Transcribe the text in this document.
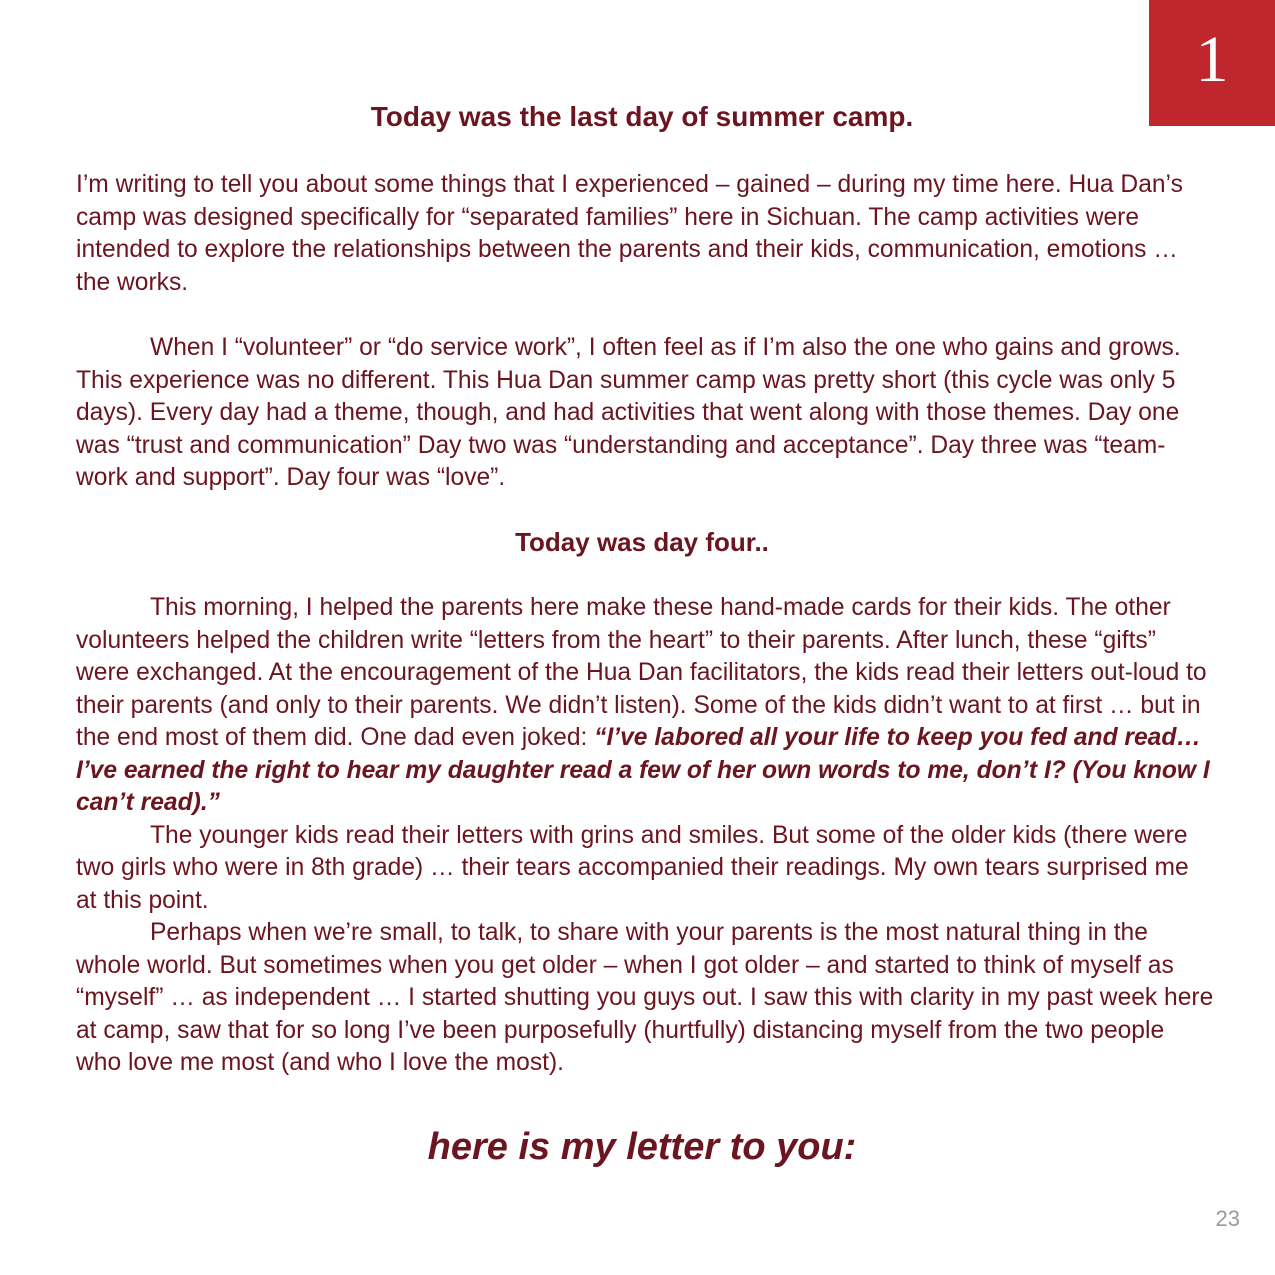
1
Today was the last day of summer camp.

I’m writing to tell you about some things that I experienced – gained – during my time here. Hua Dan’s camp was designed specifically for “separated families” here in Sichuan. The camp activities were intended to explore the relationships between the parents and their kids, communication, emotions … the works.

When I “volunteer” or “do service work”, I often feel as if I’m also the one who gains and grows. This experience was no different. This Hua Dan summer camp was pretty short (this cycle was only 5 days). Every day had a theme, though, and had activities that went along with those themes. Day one was “trust and communication” Day two was “understanding and acceptance”. Day three was “team-work and support”. Day four was “love”.

Today was day four..

This morning, I helped the parents here make these hand-made cards for their kids. The other volunteers helped the children write “letters from the heart” to their parents. After lunch, these “gifts” were exchanged. At the encouragement of the Hua Dan facilitators, the kids read their letters out-loud to their parents (and only to their parents. We didn’t listen). Some of the kids didn’t want to at first … but in the end most of them did. One dad even joked: “I’ve labored all your life to keep you fed and read… I’ve earned the right to hear my daughter read a few of her own words to me, don’t I? (You know I can’t read).”

The younger kids read their letters with grins and smiles. But some of the older kids (there were two girls who were in 8th grade) … their tears accompanied their readings. My own tears surprised me at this point.

Perhaps when we’re small, to talk, to share with your parents is the most natural thing in the whole world. But sometimes when you get older – when I got older – and started to think of myself as “myself” … as independent … I started shutting you guys out. I saw this with clarity in my past week here at camp, saw that for so long I’ve been purposefully (hurtfully) distancing myself from the two people who love me most (and who I love the most).

here is my letter to you:

23
